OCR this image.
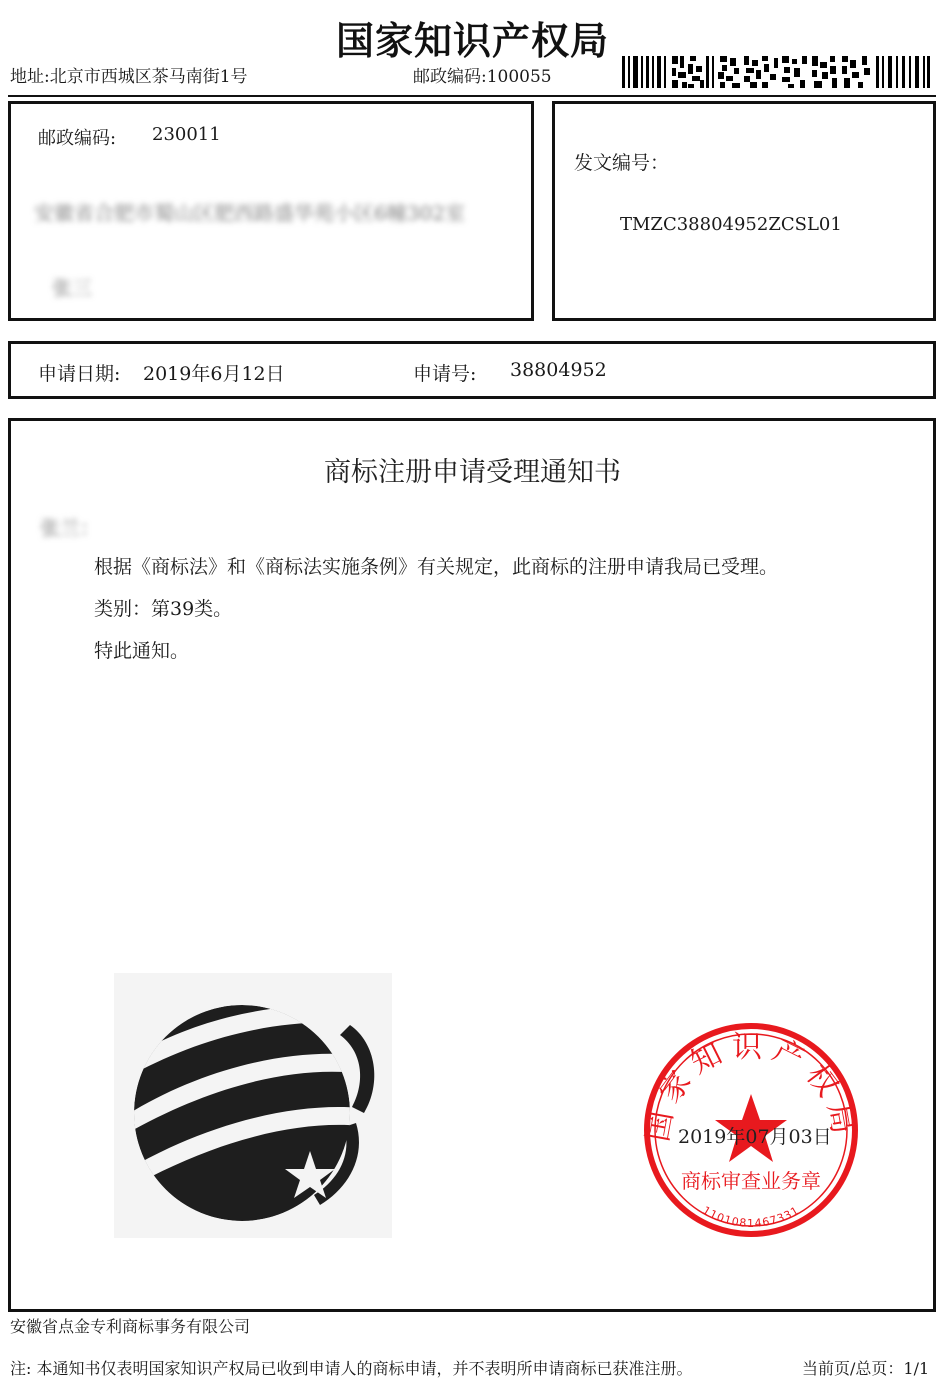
国家知识产权局
地址:北京市西城区茶马南街1号	邮政编码:100055
邮政编码: 230011
安徽省合肥市蜀山区肥西路盛华苑小区6幢302室
张三
发文编号：
TMZC38804952ZCSL01
申请日期: 2019年6月12日	申请号: 38804952
商标注册申请受理通知书
张兰：
根据《商标法》和《商标法实施条例》有关规定，此商标的注册申请我局已受理。
类别：第39类。
特此通知。
国家知识产权局
商标审查业务章
1101081467331
2019年07月03日
安徽省点金专利商标事务有限公司
注: 本通知书仅表明国家知识产权局已收到申请人的商标申请，并不表明所申请商标已获准注册。	当前页/总页：1/1
